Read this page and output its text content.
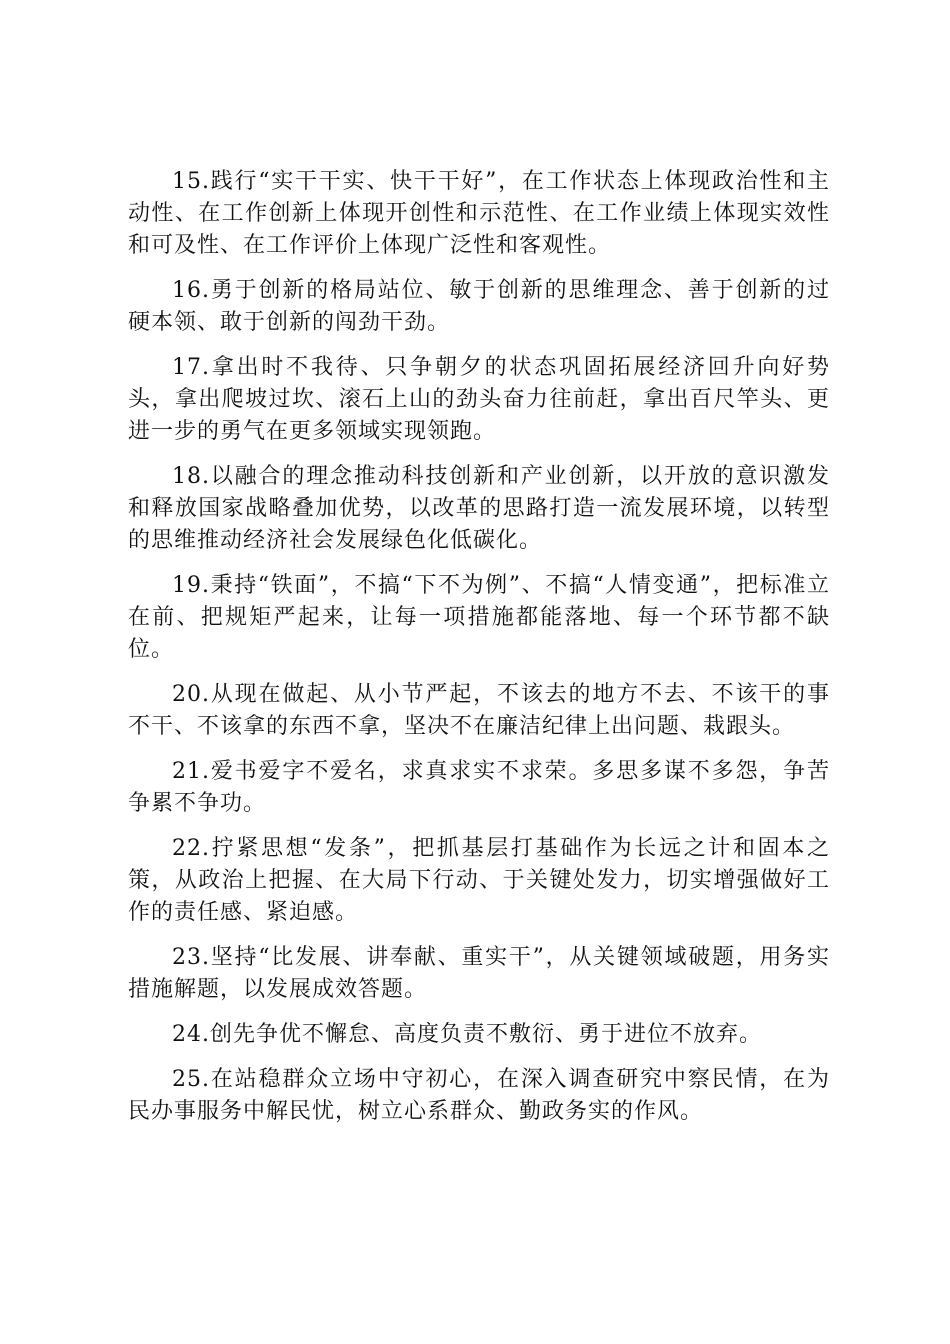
15.践行“实干干实、快干干好”，在工作状态上体现政治性和主动性、在工作创新上体现开创性和示范性、在工作业绩上体现实效性和可及性、在工作评价上体现广泛性和客观性。

16.勇于创新的格局站位、敏于创新的思维理念、善于创新的过硬本领、敢于创新的闯劲干劲。

17.拿出时不我待、只争朝夕的状态巩固拓展经济回升向好势头，拿出爬坡过坎、滚石上山的劲头奋力往前赶，拿出百尺竿头、更进一步的勇气在更多领域实现领跑。

18.以融合的理念推动科技创新和产业创新，以开放的意识激发和释放国家战略叠加优势，以改革的思路打造一流发展环境，以转型的思维推动经济社会发展绿色化低碳化。

19.秉持“铁面”，不搞“下不为例”、不搞“人情变通”，把标准立在前、把规矩严起来，让每一项措施都能落地、每一个环节都不缺位。

20.从现在做起、从小节严起，不该去的地方不去、不该干的事不干、不该拿的东西不拿，坚决不在廉洁纪律上出问题、栽跟头。

21.爱书爱字不爱名，求真求实不求荣。多思多谋不多怨，争苦争累不争功。

22.拧紧思想“发条”，把抓基层打基础作为长远之计和固本之策，从政治上把握、在大局下行动、于关键处发力，切实增强做好工作的责任感、紧迫感。

23.坚持“比发展、讲奉献、重实干”，从关键领域破题，用务实措施解题，以发展成效答题。

24.创先争优不懈怠、高度负责不敷衍、勇于进位不放弃。

25.在站稳群众立场中守初心，在深入调查研究中察民情，在为民办事服务中解民忧，树立心系群众、勤政务实的作风。
